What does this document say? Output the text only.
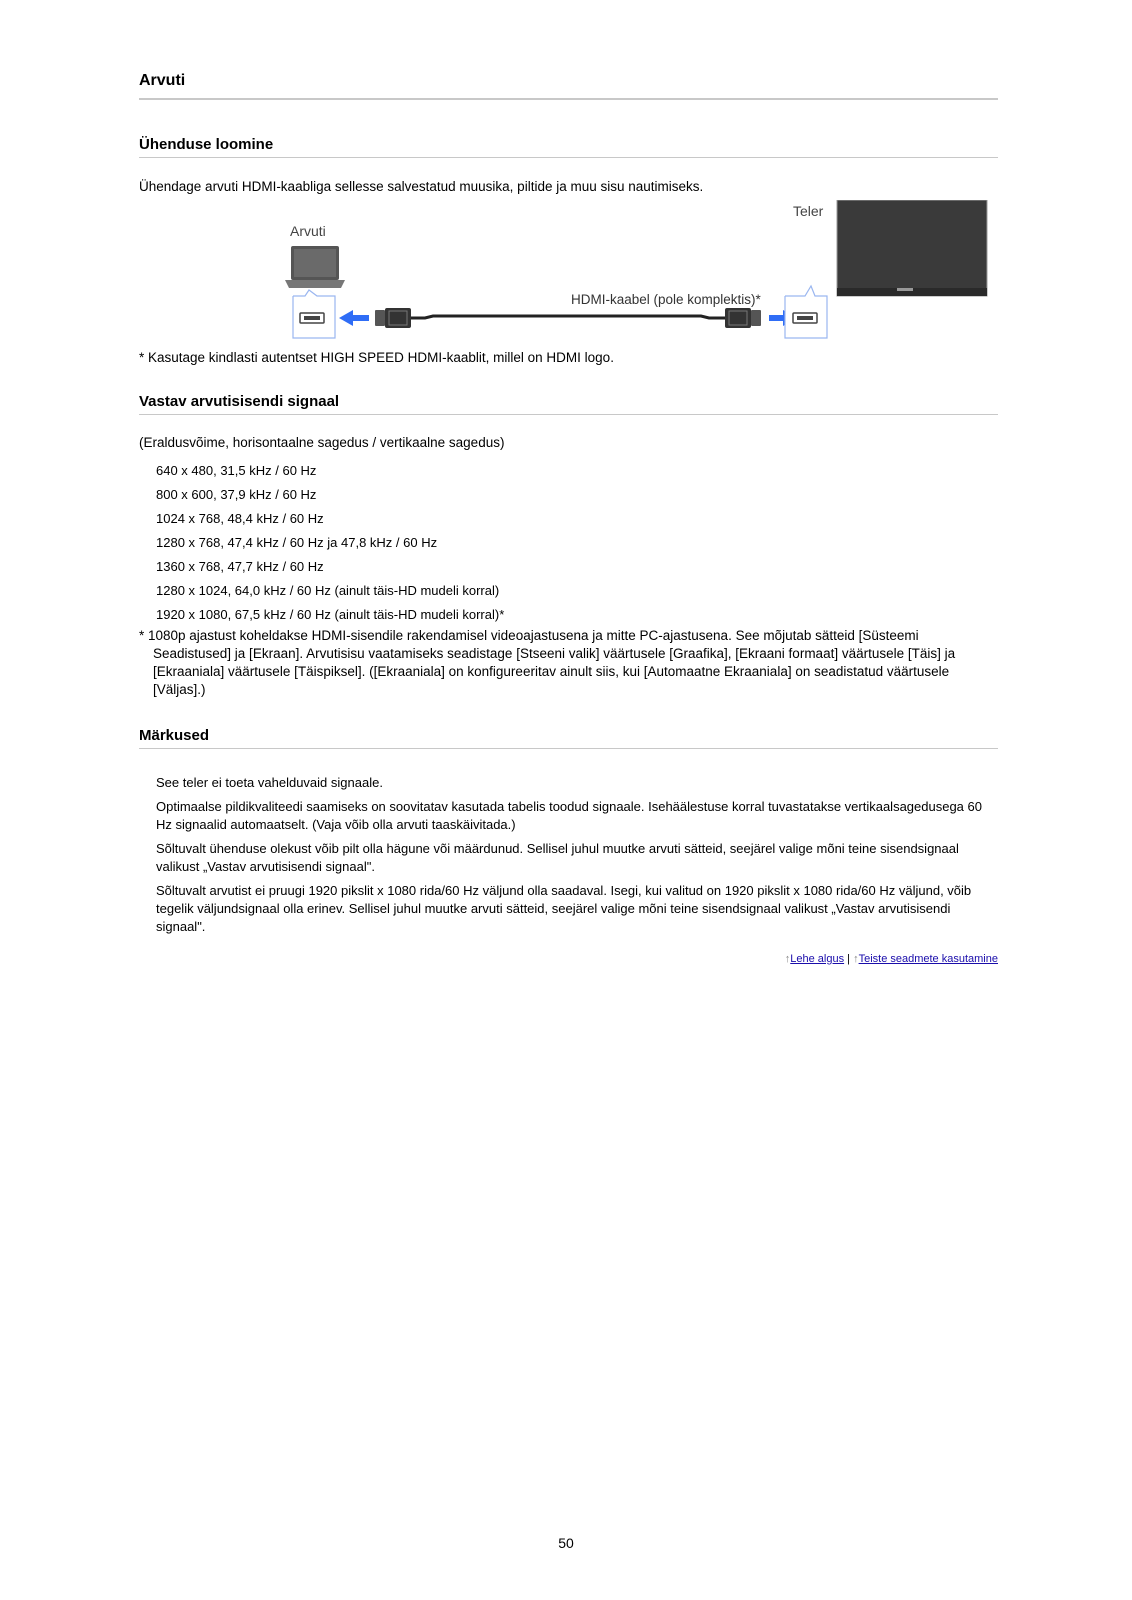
Arvuti
Ühenduse loomine

Ühendage arvuti HDMI-kaabliga sellesse salvestatud muusika, piltide ja muu sisu nautimiseks.

Arvuti
Teler
HDMI-kaabel (pole komplektis)*

* Kasutage kindlasti autentset HIGH SPEED HDMI-kaablit, millel on HDMI logo.

Vastav arvutisisendi signaal

(Eraldusvõime, horisontaalne sagedus / vertikaalne sagedus)

640 x 480, 31,5 kHz / 60 Hz
800 x 600, 37,9 kHz / 60 Hz
1024 x 768, 48,4 kHz / 60 Hz
1280 x 768, 47,4 kHz / 60 Hz ja 47,8 kHz / 60 Hz
1360 x 768, 47,7 kHz / 60 Hz
1280 x 1024, 64,0 kHz / 60 Hz (ainult täis-HD mudeli korral)
1920 x 1080, 67,5 kHz / 60 Hz (ainult täis-HD mudeli korral)*

* 1080p ajastust koheldakse HDMI-sisendile rakendamisel videoajastusena ja mitte PC-ajastusena. See mõjutab sätteid [Süsteemi Seadistused] ja [Ekraan]. Arvutisisu vaatamiseks seadistage [Stseeni valik] väärtusele [Graafika], [Ekraani formaat] väärtusele [Täis] ja [Ekraaniala] väärtusele [Täispiksel]. ([Ekraaniala] on konfigureeritav ainult siis, kui [Automaatne Ekraaniala] on seadistatud väärtusele [Väljas].)

Märkused
See teler ei toeta vahelduvaid signaale.
Optimaalse pildikvaliteedi saamiseks on soovitatav kasutada tabelis toodud signaale. Isehäälestuse korral tuvastatakse vertikaalsagedusega 60 Hz signaalid automaatselt. (Vaja võib olla arvuti taaskäivitada.)
Sõltuvalt ühenduse olekust võib pilt olla hägune või määrdunud. Sellisel juhul muutke arvuti sätteid, seejärel valige mõni teine sisendsignaal valikust „Vastav arvutisisendi signaal".
Sõltuvalt arvutist ei pruugi 1920 pikslit x 1080 rida/60 Hz väljund olla saadaval. Isegi, kui valitud on 1920 pikslit x 1080 rida/60 Hz väljund, võib tegelik väljundsignaal olla erinev. Sellisel juhul muutke arvuti sätteid, seejärel valige mõni teine sisendsignaal valikust „Vastav arvutisisendi signaal".
↑Lehe algus | ↑Teiste seadmete kasutamine
50
